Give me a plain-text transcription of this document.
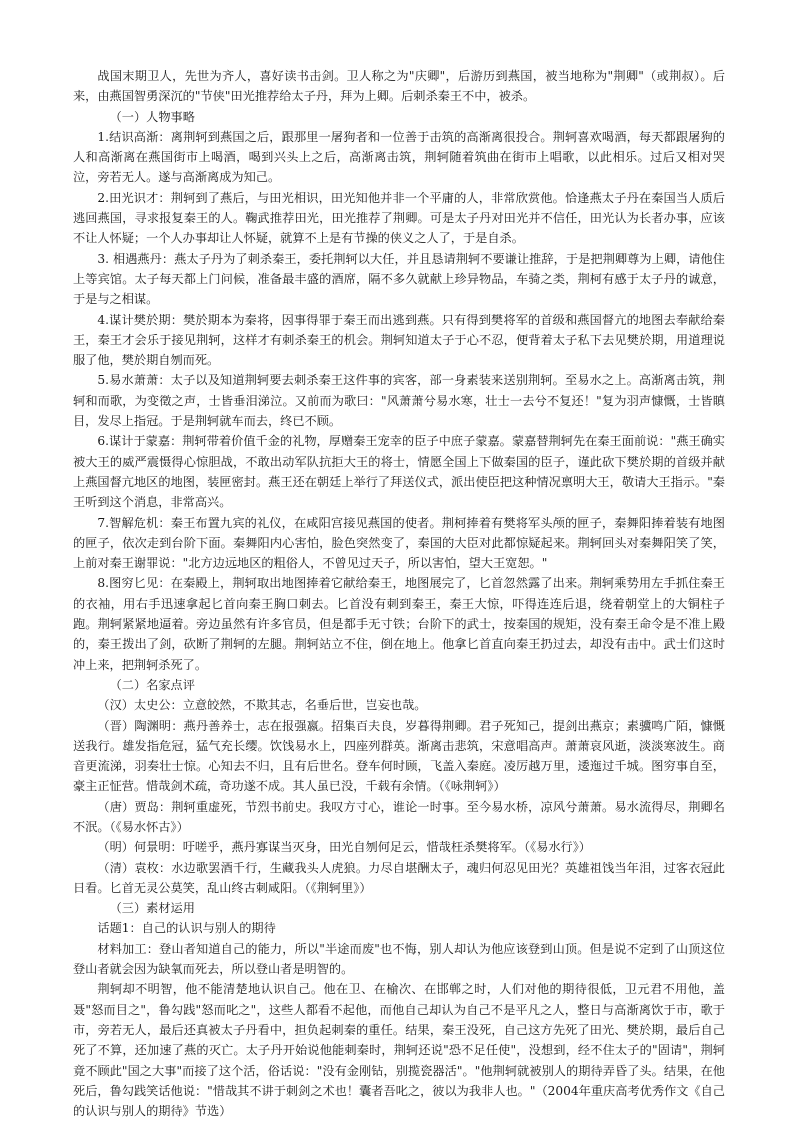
战国末期卫人，先世为齐人，喜好读书击剑。卫人称之为"庆卿"，后游历到燕国，被当地称为"荆卿"（或荆叔）。后来，由燕国智勇深沉的"节侠"田光推荐给太子丹，拜为上卿。后刺杀秦王不中，被杀。

（一）人物事略

1.结识高渐：离荆轲到燕国之后，跟那里一屠狗者和一位善于击筑的高渐离很投合。荆轲喜欢喝酒，每天都跟屠狗的人和高渐离在燕国街市上喝酒，喝到兴头上之后，高渐离击筑，荆轲随着筑曲在街市上唱歌，以此相乐。过后又相对哭泣，旁若无人。遂与高渐离成为知己。

2.田光识才：荆轲到了燕后，与田光相识，田光知他并非一个平庸的人，非常欣赏他。恰逢燕太子丹在秦国当人质后逃回燕国，寻求报复秦王的人。鞠武推荐田光，田光推荐了荆卿。可是太子丹对田光并不信任，田光认为长者办事，应该不让人怀疑；一个人办事却让人怀疑，就算不上是有节操的侠义之人了，于是自杀。

3. 相遇燕丹：燕太子丹为了刺杀秦王，委托荆轲以大任，并且恳请荆轲不要谦让推辞，于是把荆卿尊为上卿，请他住上等宾馆。太子每天都上门问候，准备最丰盛的酒席，隔不多久就献上珍异物品，车骑之类，荆柯有感于太子丹的诚意，于是与之相谋。

4.谋计樊於期：樊於期本为秦将，因事得罪于秦王而出逃到燕。只有得到樊将军的首级和燕国督亢的地图去奉献给秦王，秦王才会乐于接见荆轲，这样才有刺杀秦王的机会。荆轲知道太子于心不忍，便背着太子私下去见樊於期，用道理说服了他，樊於期自刎而死。

5.易水萧萧：太子以及知道荆轲要去刺杀秦王这件事的宾客，部一身素装来送别荆轲。至易水之上。高渐离击筑，荆轲和而歌，为变徵之声，士皆垂泪涕泣。又前而为歌曰："风萧萧兮易水寒，壮士一去兮不复还！"复为羽声慷慨，士皆瞋目，发尽上指冠。于是荆轲就车而去，终已不顾。

6.谋计于蒙嘉：荆轲带着价值千金的礼物，厚赠秦王宠幸的臣子中庶子蒙嘉。蒙嘉替荆轲先在秦王面前说："燕王确实被大王的威严震慑得心惊胆战，不敢出动军队抗拒大王的将士，情愿全国上下做秦国的臣子，谨此砍下樊於期的首级并献上燕国督亢地区的地图，装匣密封。燕王还在朝廷上举行了拜送仪式，派出使臣把这种情况禀明大王，敬请大王指示。"秦王听到这个消息，非常高兴。

7.智解危机：秦王布置九宾的礼仪，在咸阳宫接见燕国的使者。荆柯捧着有樊将军头颅的匣子，秦舞阳捧着装有地图的匣子，依次走到台阶下面。秦舞阳内心害怕，脸色突然变了，秦国的大臣对此都惊疑起来。荆轲回头对秦舞阳笑了笑，上前对秦王谢罪说："北方边远地区的粗俗人，不曾见过天子，所以害怕，望大王宽恕。"

8.图穷匕见：在秦殿上，荆轲取出地图捧着它献给秦王，地图展完了，匕首忽然露了出来。荆轲乘势用左手抓住秦王的衣袖，用右手迅速拿起匕首向秦王胸口刺去。匕首没有刺到秦王，秦王大惊，吓得连连后退，绕着朝堂上的大铜柱子跑。荆轲紧紧地逼着。旁边虽然有许多官员，但是都手无寸铁；台阶下的武士，按秦国的规矩，没有秦王命令是不准上殿的，秦王拨出了剑，砍断了荆轲的左腿。荆轲站立不住，倒在地上。他拿匕首直向秦王扔过去，却没有击中。武士们这时冲上来，把荆轲杀死了。

（二）名家点评

（汉）太史公：立意皎然，不欺其志，名垂后世，岂妄也哉。

（晋）陶渊明：燕丹善养士，志在报强嬴。招集百夫良，岁暮得荆卿。君子死知己，提剑出燕京；素骥鸣广陌，慷慨送我行。雄发指危冠，猛气充长缨。饮饯易水上，四座列群英。渐离击悲筑，宋意唱高声。萧萧哀风逝，淡淡寒波生。商音更流涕，羽奏壮士惊。心知去不归，且有后世名。登车何时顾，飞盖入秦庭。凌厉越万里，逶迤过千城。图穷事自至，豪主正怔营。惜哉剑术疏，奇功遂不成。其人虽已没，千载有余情。（《咏荆轲》）

（唐）贾岛：荆轲重虚死，节烈书前史。我叹方寸心，谁论一时事。至今易水桥，凉风兮萧萧。易水流得尽，荆卿名不泯。（《易水怀古》）

（明）何景明：吁嗟乎，燕丹寡谋当灭身，田光自刎何足云，惜哉枉杀樊将军。（《易水行》）

（清）袁枚：水边歌罢酒千行，生藏我头人虎狼。力尽自堪酬太子，魂归何忍见田光？英雄祖饯当年泪，过客衣冠此日看。匕首无灵公莫笑，乱山终古刺咸阳。（《荆轲里》）

（三）素材运用

话题1：自己的认识与别人的期待

材料加工：登山者知道自己的能力，所以"半途而废"也不悔，别人却认为他应该登到山顶。但是说不定到了山顶这位登山者就会因为缺氧而死去，所以登山者是明智的。

荆轲却不明智，他不能清楚地认识自己。他在卫、在榆次、在邯郸之时，人们对他的期待很低，卫元君不用他，盖聂"怒而目之"，鲁勾践"怒而叱之"，这些人都看不起他，而他自己却认为自己不是平凡之人，整日与高渐离饮于市，歌于市，旁若无人，最后还真被太子丹看中，担负起刺秦的重任。结果，秦王没死，自己这方先死了田光、樊於期，最后自己死了不算，还加速了燕的灭亡。太子丹开始说他能刺秦时，荆轲还说"恐不足任使"，没想到，经不住太子的"固请"，荆轲竟不顾此"国之大事"而接了这个活，俗话说："没有金刚钻，别揽瓷器活"。"他荆轲就被别人的期待弄昏了头。结果，在他死后，鲁勾践笑话他说："惜哉其不讲于刺剑之术也！囊者吾叱之，彼以为我非人也。"（2004年重庆高考优秀作文《自己的认识与别人的期待》节选）
